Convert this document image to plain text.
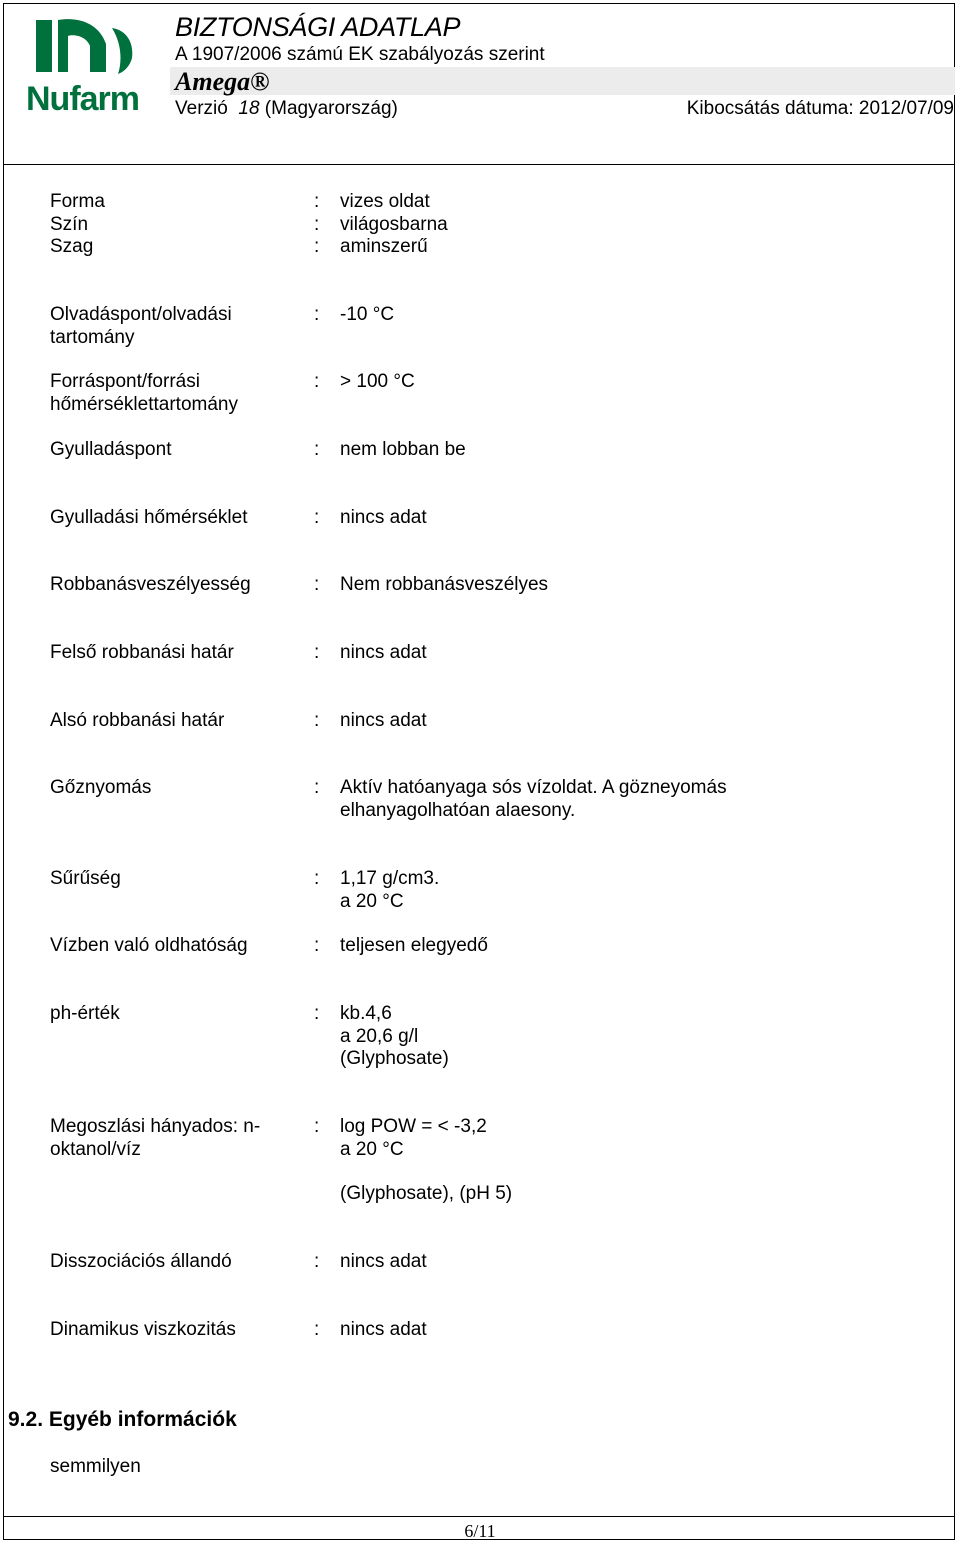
Nufarm
BIZTONSÁGI ADATLAP
A 1907/2006 számú EK szabályozás szerint
Amega®
Verzió 18 (Magyarország)	Kibocsátás dátuma: 2012/07/09
Forma	: vizes oldat
Szín	: világosbarna
Szag	: aminszerű
Olvadáspont/olvadási
tartomány
: -10 °C
Forráspont/forrási
hőmérséklettartomány
: > 100 °C
Gyulladáspont	: nem lobban be
Gyulladási hőmérséklet	: nincs adat
Robbanásveszélyesség	: Nem robbanásveszélyes
Felső robbanási határ	: nincs adat
Alsó robbanási határ	: nincs adat
Gőznyomás	: Aktív hatóanyaga sós vízoldat. A gözneyomás
elhanyagolhatóan alaesony.
Sűrűség	: 1,17 g/cm3.
a 20 °C
Vízben való oldhatóság	: teljesen elegyedő
ph-érték	: kb.4,6
a 20,6 g/l
(Glyphosate)
Megoszlási hányados: n-
oktanol/víz
: log POW = < -3,2
a 20 °C
(Glyphosate), (pH 5)
Disszociációs állandó	: nincs adat
Dinamikus viszkozitás	: nincs adat
9.2. Egyéb információk
semmilyen
6/11
